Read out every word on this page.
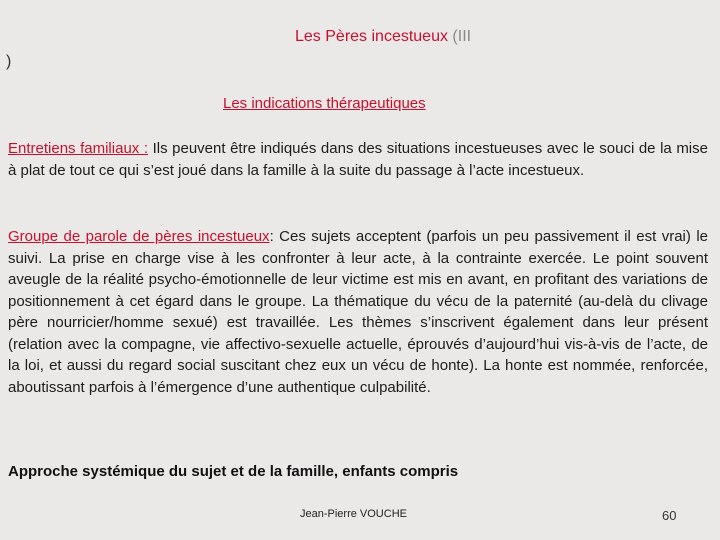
Les Pères incestueux (III
)
Les indications thérapeutiques
Entretiens familiaux : Ils peuvent être indiqués dans des situations incestueuses avec le souci de la mise à plat de tout ce qui s’est joué dans la famille à la suite du passage à l’acte incestueux.
Groupe de parole de pères incestueux: Ces sujets acceptent (parfois un peu passivement il est vrai) le suivi. La prise en charge vise à les confronter à leur acte, à la contrainte exercée. Le point souvent aveugle de la réalité psycho-émotionnelle de leur victime est mis en avant, en profitant des variations de positionnement à cet égard dans le groupe. La thématique du vécu de la paternité (au-delà du clivage père nourricier/homme sexué) est travaillée. Les thèmes s’inscrivent également dans leur présent (relation avec la compagne, vie affectivo-sexuelle actuelle, éprouvés d’aujourd’hui vis-à-vis de l’acte, de la loi, et aussi du regard social suscitant chez eux un vécu de honte). La honte est nommée, renforcée, aboutissant parfois à l’émergence d’une authentique culpabilité.
Approche systémique du sujet et de la famille, enfants compris
Jean-Pierre VOUCHE	60
